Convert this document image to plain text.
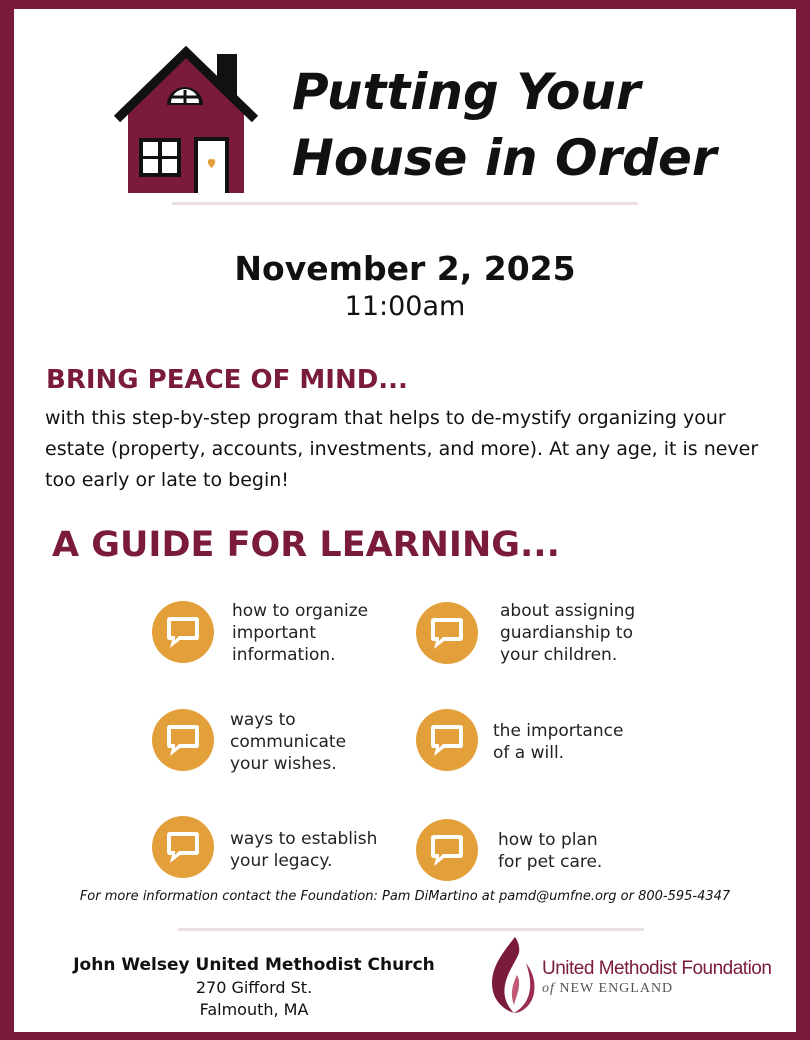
Putting Your
House in Order
November 2, 2025
11:00am
BRING PEACE OF MIND...
with this step-by-step program that helps to de-mystify organizing your estate (property, accounts, investments, and more). At any age, it is never too early or late to begin!
A GUIDE FOR LEARNING...
how to organize
important
information.
about assigning
guardianship to
your children.
ways to
communicate
your wishes.
the importance
of a will.
ways to establish
your legacy.
how to plan
for pet care.
For more information contact the Foundation: Pam DiMartino at pamd@umfne.org or 800-595-4347
John Welsey United Methodist Church
270 Gifford St.
Falmouth, MA
United Methodist Foundation
of NEW ENGLAND
